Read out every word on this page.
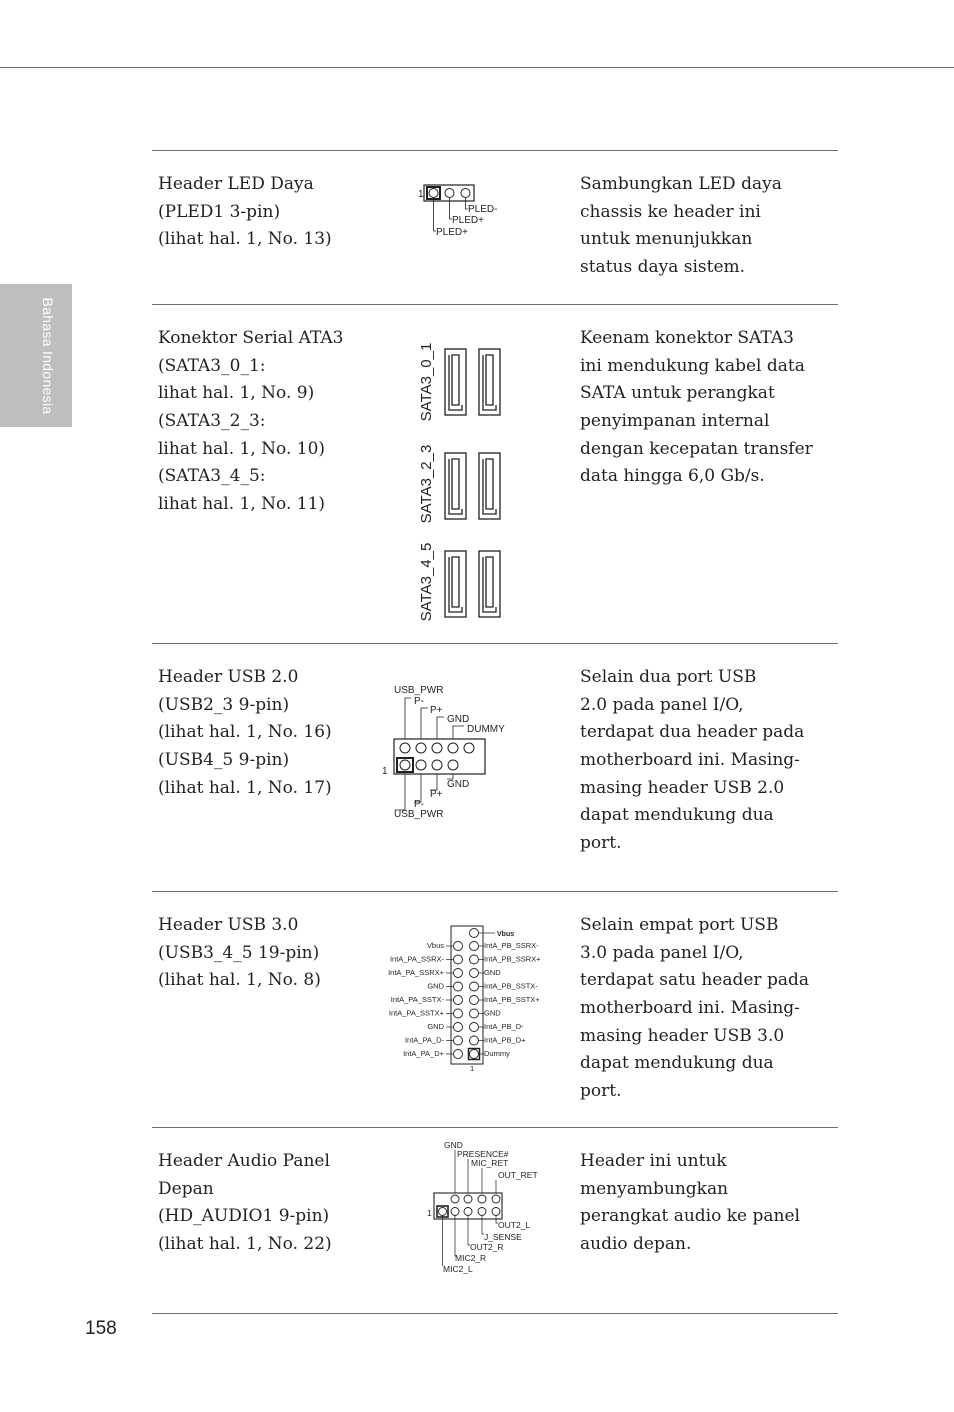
Bahasa Indonesia
Header LED Daya
(PLED1 3-pin)
(lihat hal. 1, No. 13)
Sambungkan LED daya
chassis ke header ini
untuk menunjukkan
status daya sistem.
1
PLED-
PLED+
PLED+
Konektor Serial ATA3
(SATA3_0_1:
lihat hal. 1, No. 9)
(SATA3_2_3:
lihat hal. 1, No. 10)
(SATA3_4_5:
lihat hal. 1, No. 11)
Keenam konektor SATA3
ini mendukung kabel data
SATA untuk perangkat
penyimpanan internal
dengan kecepatan transfer
data hingga 6,0 Gb/s.
SATA3_0_1
SATA3_2_3
SATA3_4_5
Header USB 2.0
(USB2_3 9-pin)
(lihat hal. 1, No. 16)
(USB4_5 9-pin)
(lihat hal. 1, No. 17)
Selain dua port USB
2.0 pada panel I/O,
terdapat dua header pada
motherboard ini. Masing-
masing header USB 2.0
dapat mendukung dua
port.
USB_PWR
P-
P+
GND
DUMMY
1
GND
P+
P-
USB_PWR
Header USB 3.0
(USB3_4_5 19-pin)
(lihat hal. 1, No. 8)
Selain empat port USB
3.0 pada panel I/O,
terdapat satu header pada
motherboard ini. Masing-
masing header USB 3.0
dapat mendukung dua
port.
Vbus
Vbus
IntA_PA_SSRX-
IntA_PA_SSRX+
GND
IntA_PA_SSTX-
IntA_PA_SSTX+
GND
IntA_PA_D-
IntA_PA_D+
IntA_PB_SSRX-
IntA_PB_SSRX+
GND
IntA_PB_SSTX-
IntA_PB_SSTX+
GND
IntA_PB_D-
IntA_PB_D+
Dummy
1
Header Audio Panel
Depan
(HD_AUDIO1 9-pin)
(lihat hal. 1, No. 22)
Header ini untuk
menyambungkan
perangkat audio ke panel
audio depan.
GND
PRESENCE#
MIC_RET
OUT_RET
1
OUT2_L
J_SENSE
OUT2_R
MIC2_R
MIC2_L
158
